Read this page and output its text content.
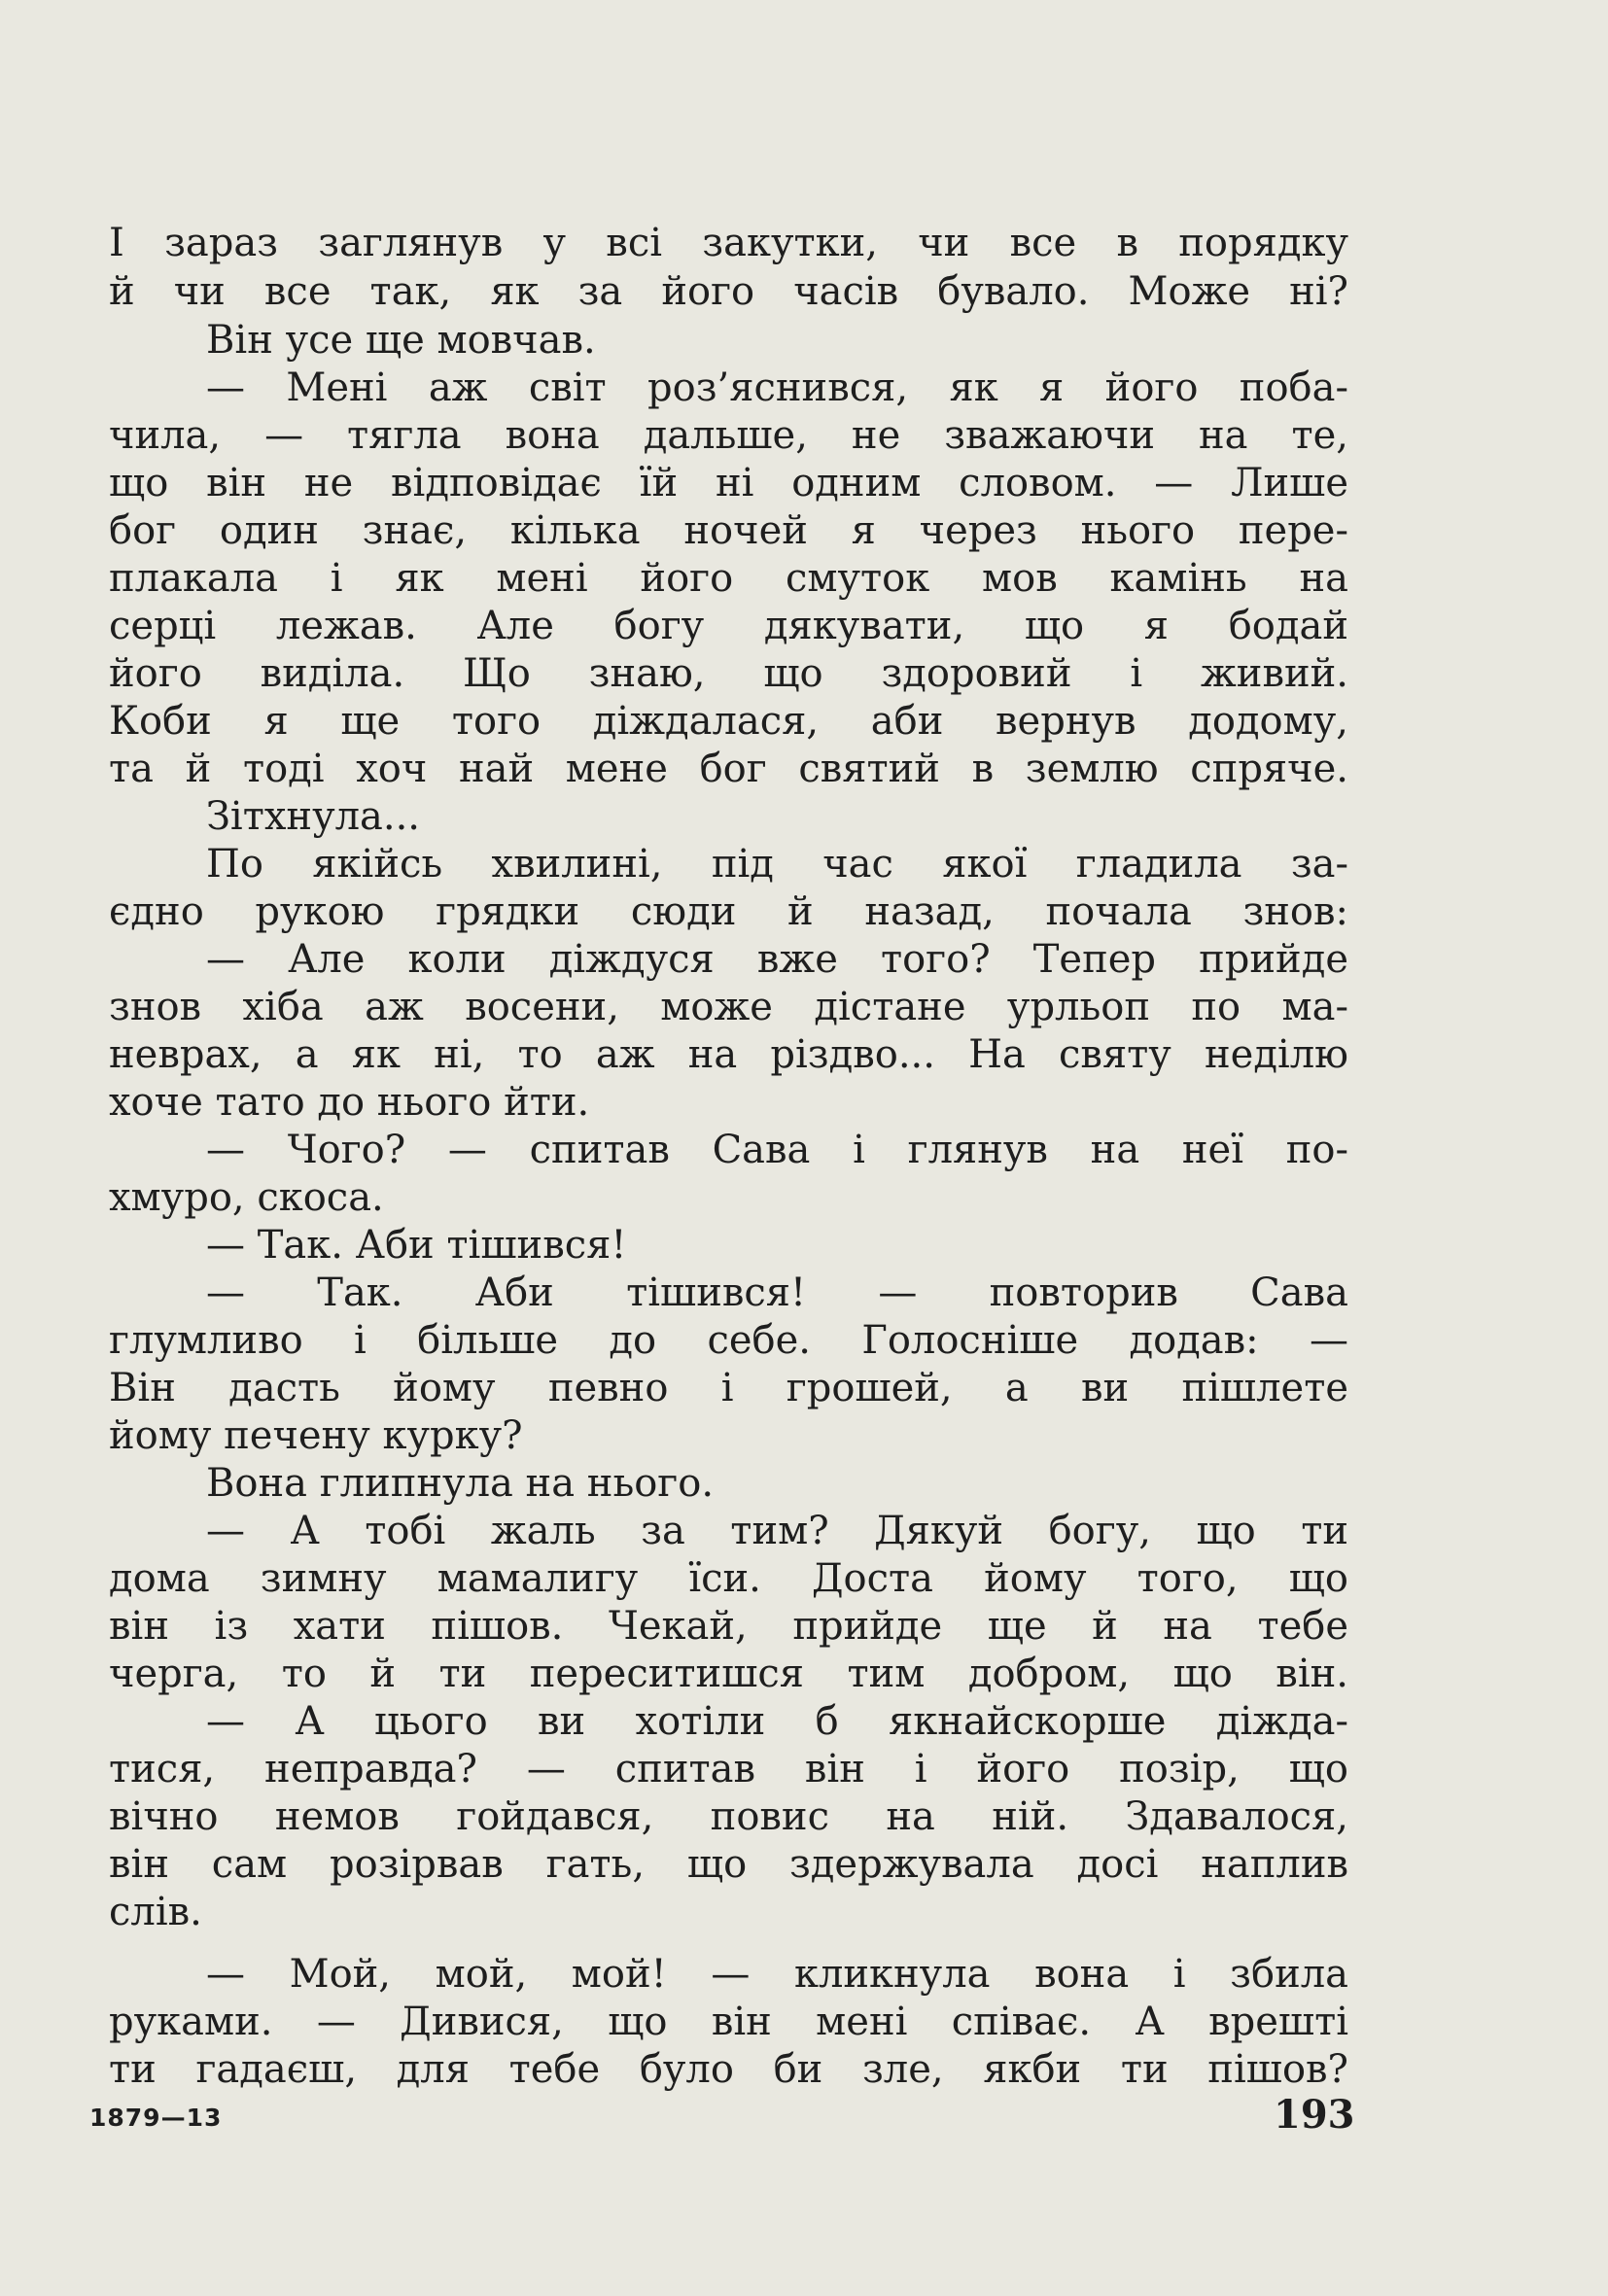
І зараз заглянув у всі закутки, чи все в порядку
й чи все так, як за його часів бувало. Може ні?
Він усе ще мовчав.
— Мені аж світ роз’яснився, як я його поба-
чила, — тягла вона дальше, не зважаючи на те,
що він не відповідає їй ні одним словом. — Лише
бог один знає, кілька ночей я через нього пере-
плакала і як мені його смуток мов камінь на
серці лежав. Але богу дякувати, що я бодай
його виділа. Що знаю, що здоровий і живий.
Коби я ще того діждалася, аби вернув додому,
та й тоді хоч най мене бог святий в землю спряче.
Зітхнула...
По якійсь хвилині, під час якої гладила за-
єдно рукою грядки сюди й назад, почала знов:
— Але коли діждуся вже того? Тепер прийде
знов хіба аж восени, може дістане урльоп по ма-
неврах, а як ні, то аж на різдво... На святу неділю
хоче тато до нього йти.
— Чого? — спитав Сава і глянув на неї по-
хмуро, скоса.
— Так. Аби тішився!
— Так. Аби тішився! — повторив Сава
глумливо і більше до себе. Голосніше додав: —
Він дасть йому певно і грошей, а ви пішлете
йому печену курку?
Вона глипнула на нього.
— А тобі жаль за тим? Дякуй богу, що ти
дома зимну мамалигу їси. Доста йому того, що
він із хати пішов. Чекай, прийде ще й на тебе
черга, то й ти переситишся тим добром, що він.
— А цього ви хотіли б якнайскорше діжда-
тися, неправда? — спитав він і його позір, що
вічно немов гойдався, повис на ній. Здавалося,
він сам розірвав гать, що здержувала досі наплив
слів.
— Мой, мой, мой! — кликнула вона і збила
руками. — Дивися, що він мені співає. А врешті
ти гадаєш, для тебе було би зле, якби ти пішов?
1879—13	193
